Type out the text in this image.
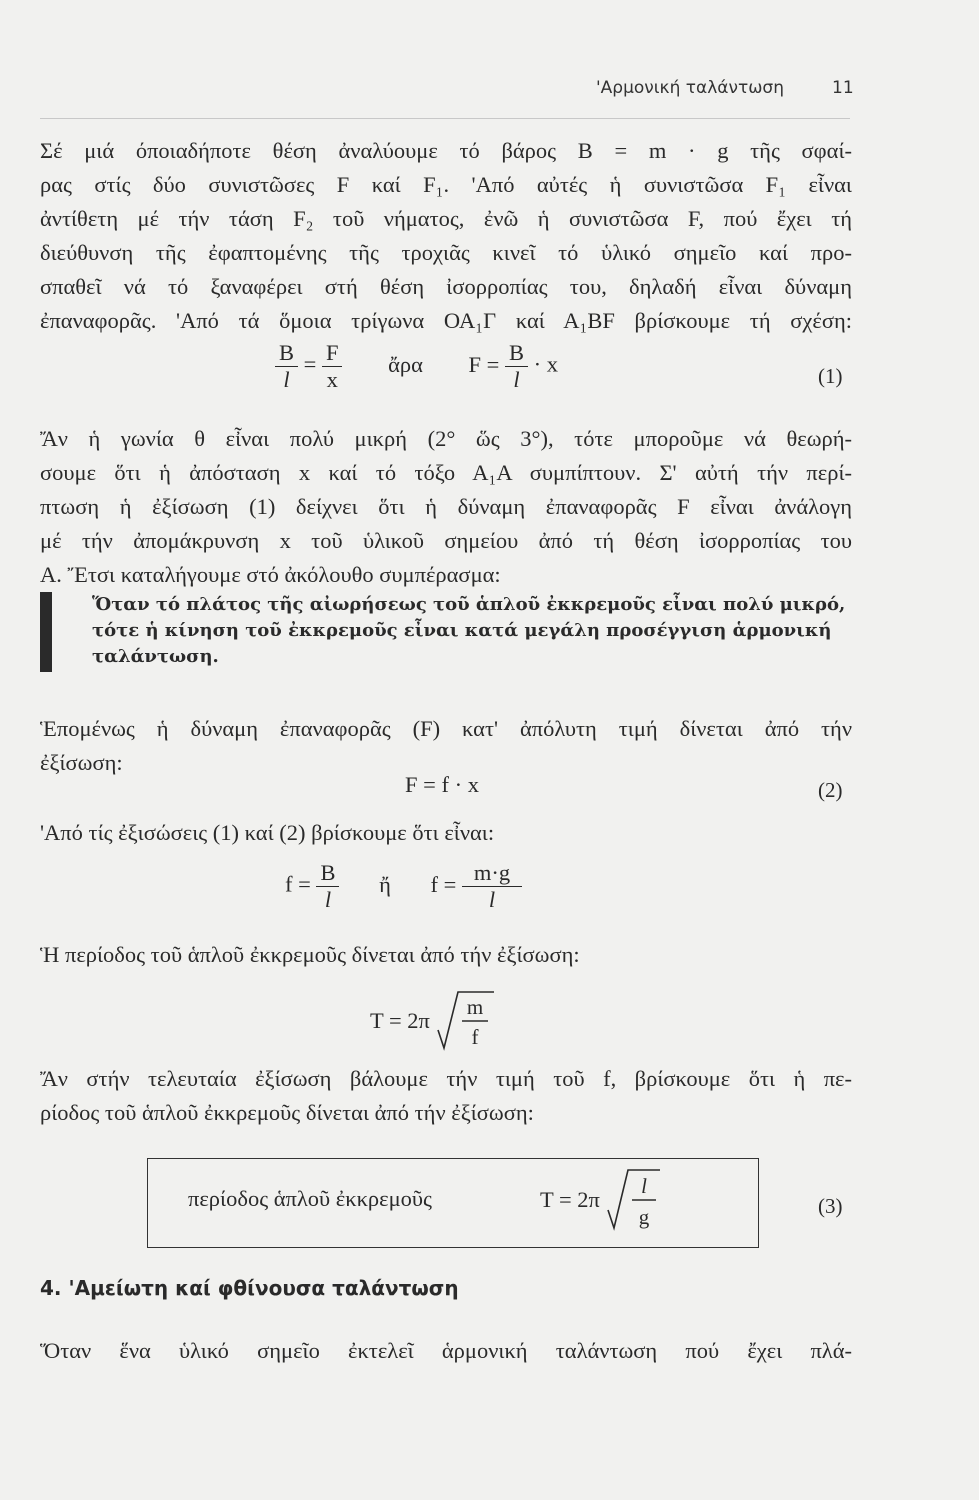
'Αρμονική ταλάντωση	11
Σέ μιά όποιαδήποτε θέση ἀναλύουμε τό βάρος B = m · g τῆς σφαί-
ρας στίς δύο συνιστῶσες F καί F₁. 'Από αὐτές ἡ συνιστῶσα F₁ εἶναι
ἀντίθετη μέ τήν τάση F₂ τοῦ νήματος, ἐνῶ ἡ συνιστῶσα F, πού ἔχει τή
διεύθυνση τῆς ἐφαπτομένης τῆς τροχιᾶς κινεῖ τό ὑλικό σημεῖο καί προ-
σπαθεῖ νά τό ξαναφέρει στή θέση ἰσορροπίας του, δηλαδή εἶναι δύναμη
ἐπαναφορᾶς. 'Από τά ὅμοια τρίγωνα ΟΑ₁Γ καί Α₁ΒF βρίσκουμε τή σχέση:
$\frac{B}{l} = \frac{F}{x}$ ἄρα $F = \frac{B}{l} \cdot x$	(1)
Ἄν ἡ γωνία θ εἶναι πολύ μικρή (2° ὥς 3°), τότε μποροῦμε νά θεωρή-
σουμε ὅτι ἡ ἀπόσταση x καί τό τόξο Α₁Α συμπίπτουν. Σ' αὐτή τήν περί-
πτωση ἡ ἐξίσωση (1) δείχνει ὅτι ἡ δύναμη ἐπαναφορᾶς F εἶναι ἀνάλογη
μέ τήν ἀπομάκρυνση x τοῦ ὑλικοῦ σημείου ἀπό τή θέση ἰσορροπίας του
Α. Ἔτσι καταλήγουμε στό ἀκόλουθο συμπέρασμα:
Ὅταν τό πλάτος τῆς αἰωρήσεως τοῦ ἁπλοῦ ἐκκρεμοῦς εἶναι πολύ μικρό,
τότε ἡ κίνηση τοῦ ἐκκρεμοῦς εἶναι κατά μεγάλη προσέγγιση ἁρμονική
ταλάντωση.
Ἑπομένως ἡ δύναμη ἐπαναφορᾶς (F) κατ' ἀπόλυτη τιμή δίνεται ἀπό τήν
ἐξίσωση:
F = f · x	(2)
'Από τίς ἐξισώσεις (1) καί (2) βρίσκουμε ὅτι εἶναι:
$f = \frac{B}{l}$ ἤ $f = \frac{m\cdot g}{l}$
Ἡ περίοδος τοῦ ἁπλοῦ ἐκκρεμοῦς δίνεται ἀπό τήν ἐξίσωση:
T = 2π
m
f
Ἄν στήν τελευταία ἐξίσωση βάλουμε τήν τιμή τοῦ f, βρίσκουμε ὅτι ἡ πε-
ρίοδος τοῦ ἁπλοῦ ἐκκρεμοῦς δίνεται ἀπό τήν ἐξίσωση:
περίοδος ἁπλοῦ ἐκκρεμοῦς	T = 2π
l
g	(3)
4. 'Αμείωτη καί φθίνουσα ταλάντωση
Ὅταν ἕνα ὑλικό σημεῖο ἐκτελεῖ ἁρμονική ταλάντωση πού ἔχει πλά-
